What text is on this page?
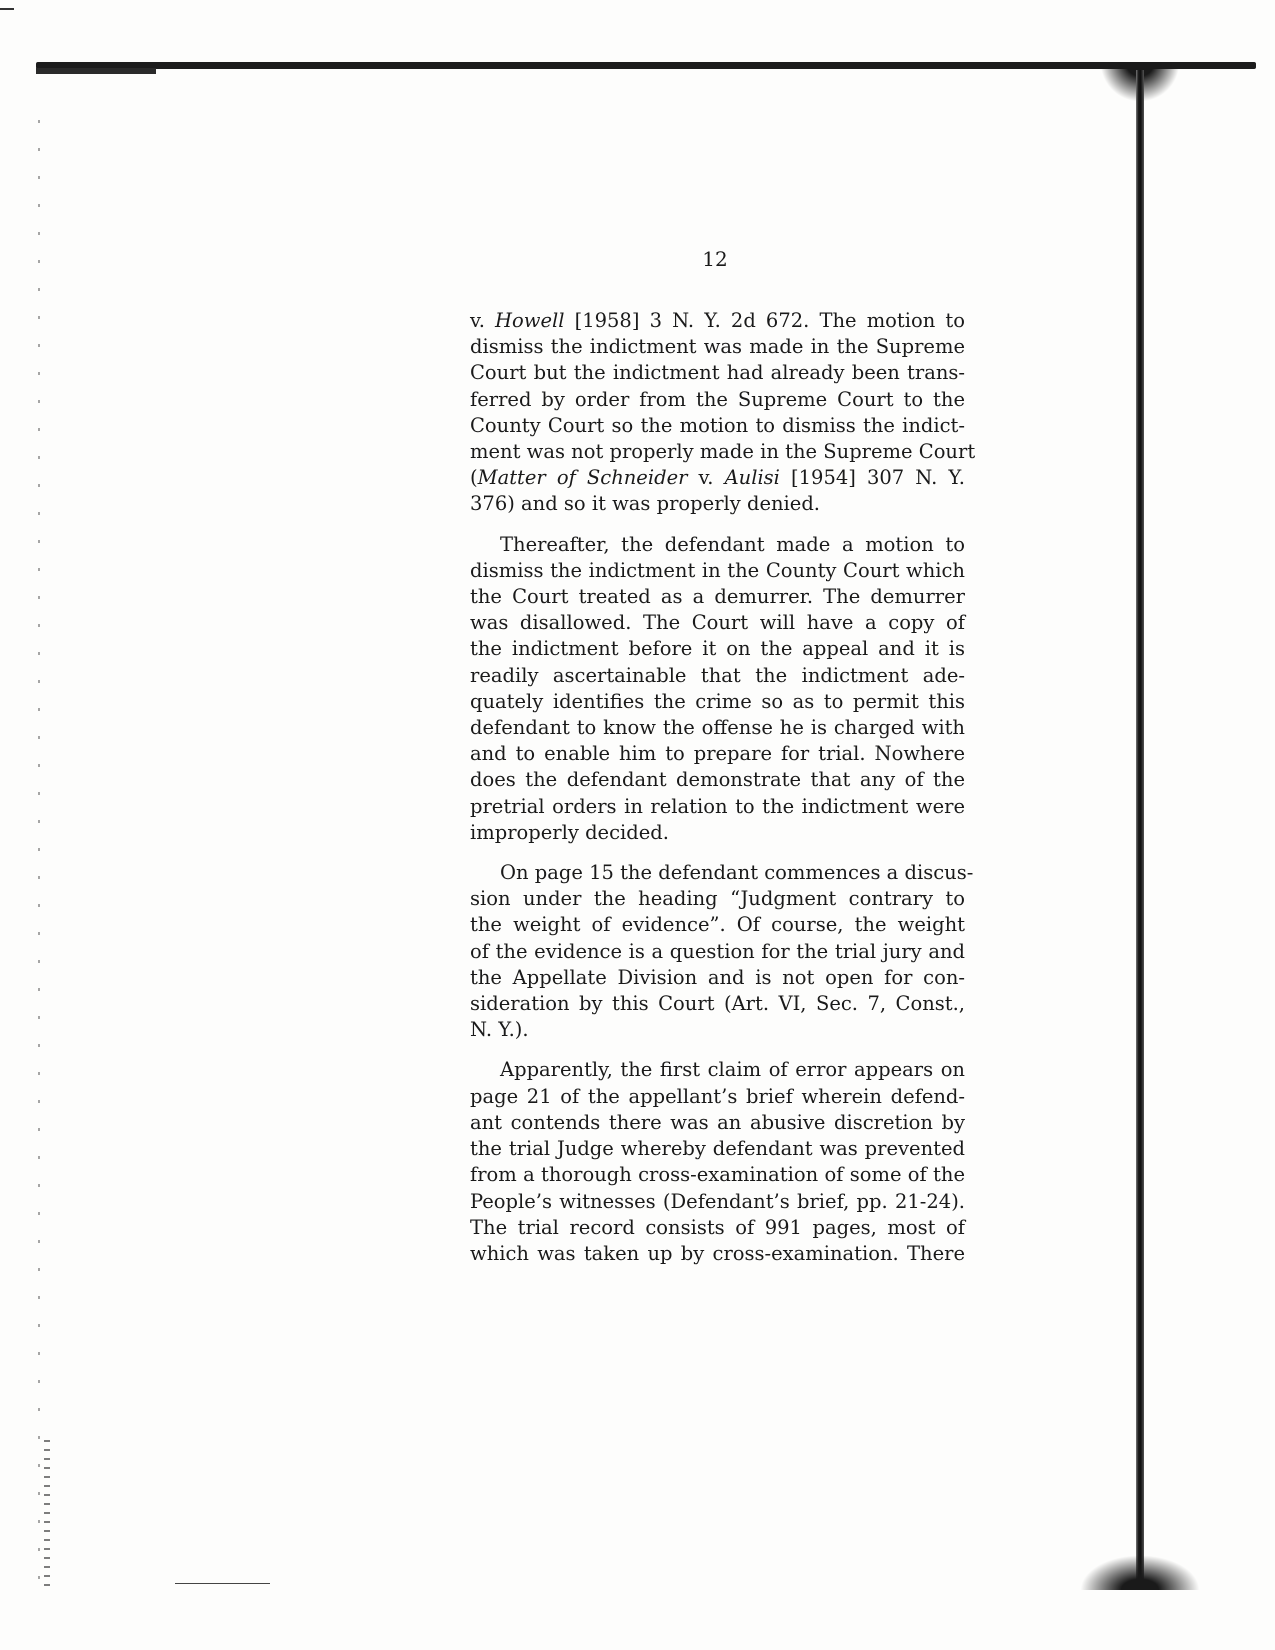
12
v. Howell [1958] 3 N. Y. 2d 672. The motion to
dismiss the indictment was made in the Supreme
Court but the indictment had already been trans-
ferred by order from the Supreme Court to the
County Court so the motion to dismiss the indict-
ment was not properly made in the Supreme Court
(Matter of Schneider v. Aulisi [1954] 307 N. Y.
376) and so it was properly denied.
Thereafter, the defendant made a motion to
dismiss the indictment in the County Court which
the Court treated as a demurrer. The demurrer
was disallowed. The Court will have a copy of
the indictment before it on the appeal and it is
readily ascertainable that the indictment ade-
quately identifies the crime so as to permit this
defendant to know the offense he is charged with
and to enable him to prepare for trial. Nowhere
does the defendant demonstrate that any of the
pretrial orders in relation to the indictment were
improperly decided.
On page 15 the defendant commences a discus-
sion under the heading “Judgment contrary to
the weight of evidence”. Of course, the weight
of the evidence is a question for the trial jury and
the Appellate Division and is not open for con-
sideration by this Court (Art. VI, Sec. 7, Const.,
N. Y.).
Apparently, the first claim of error appears on
page 21 of the appellant’s brief wherein defend-
ant contends there was an abusive discretion by
the trial Judge whereby defendant was prevented
from a thorough cross-examination of some of the
People’s witnesses (Defendant’s brief, pp. 21-24).
The trial record consists of 991 pages, most of
which was taken up by cross-examination. There
